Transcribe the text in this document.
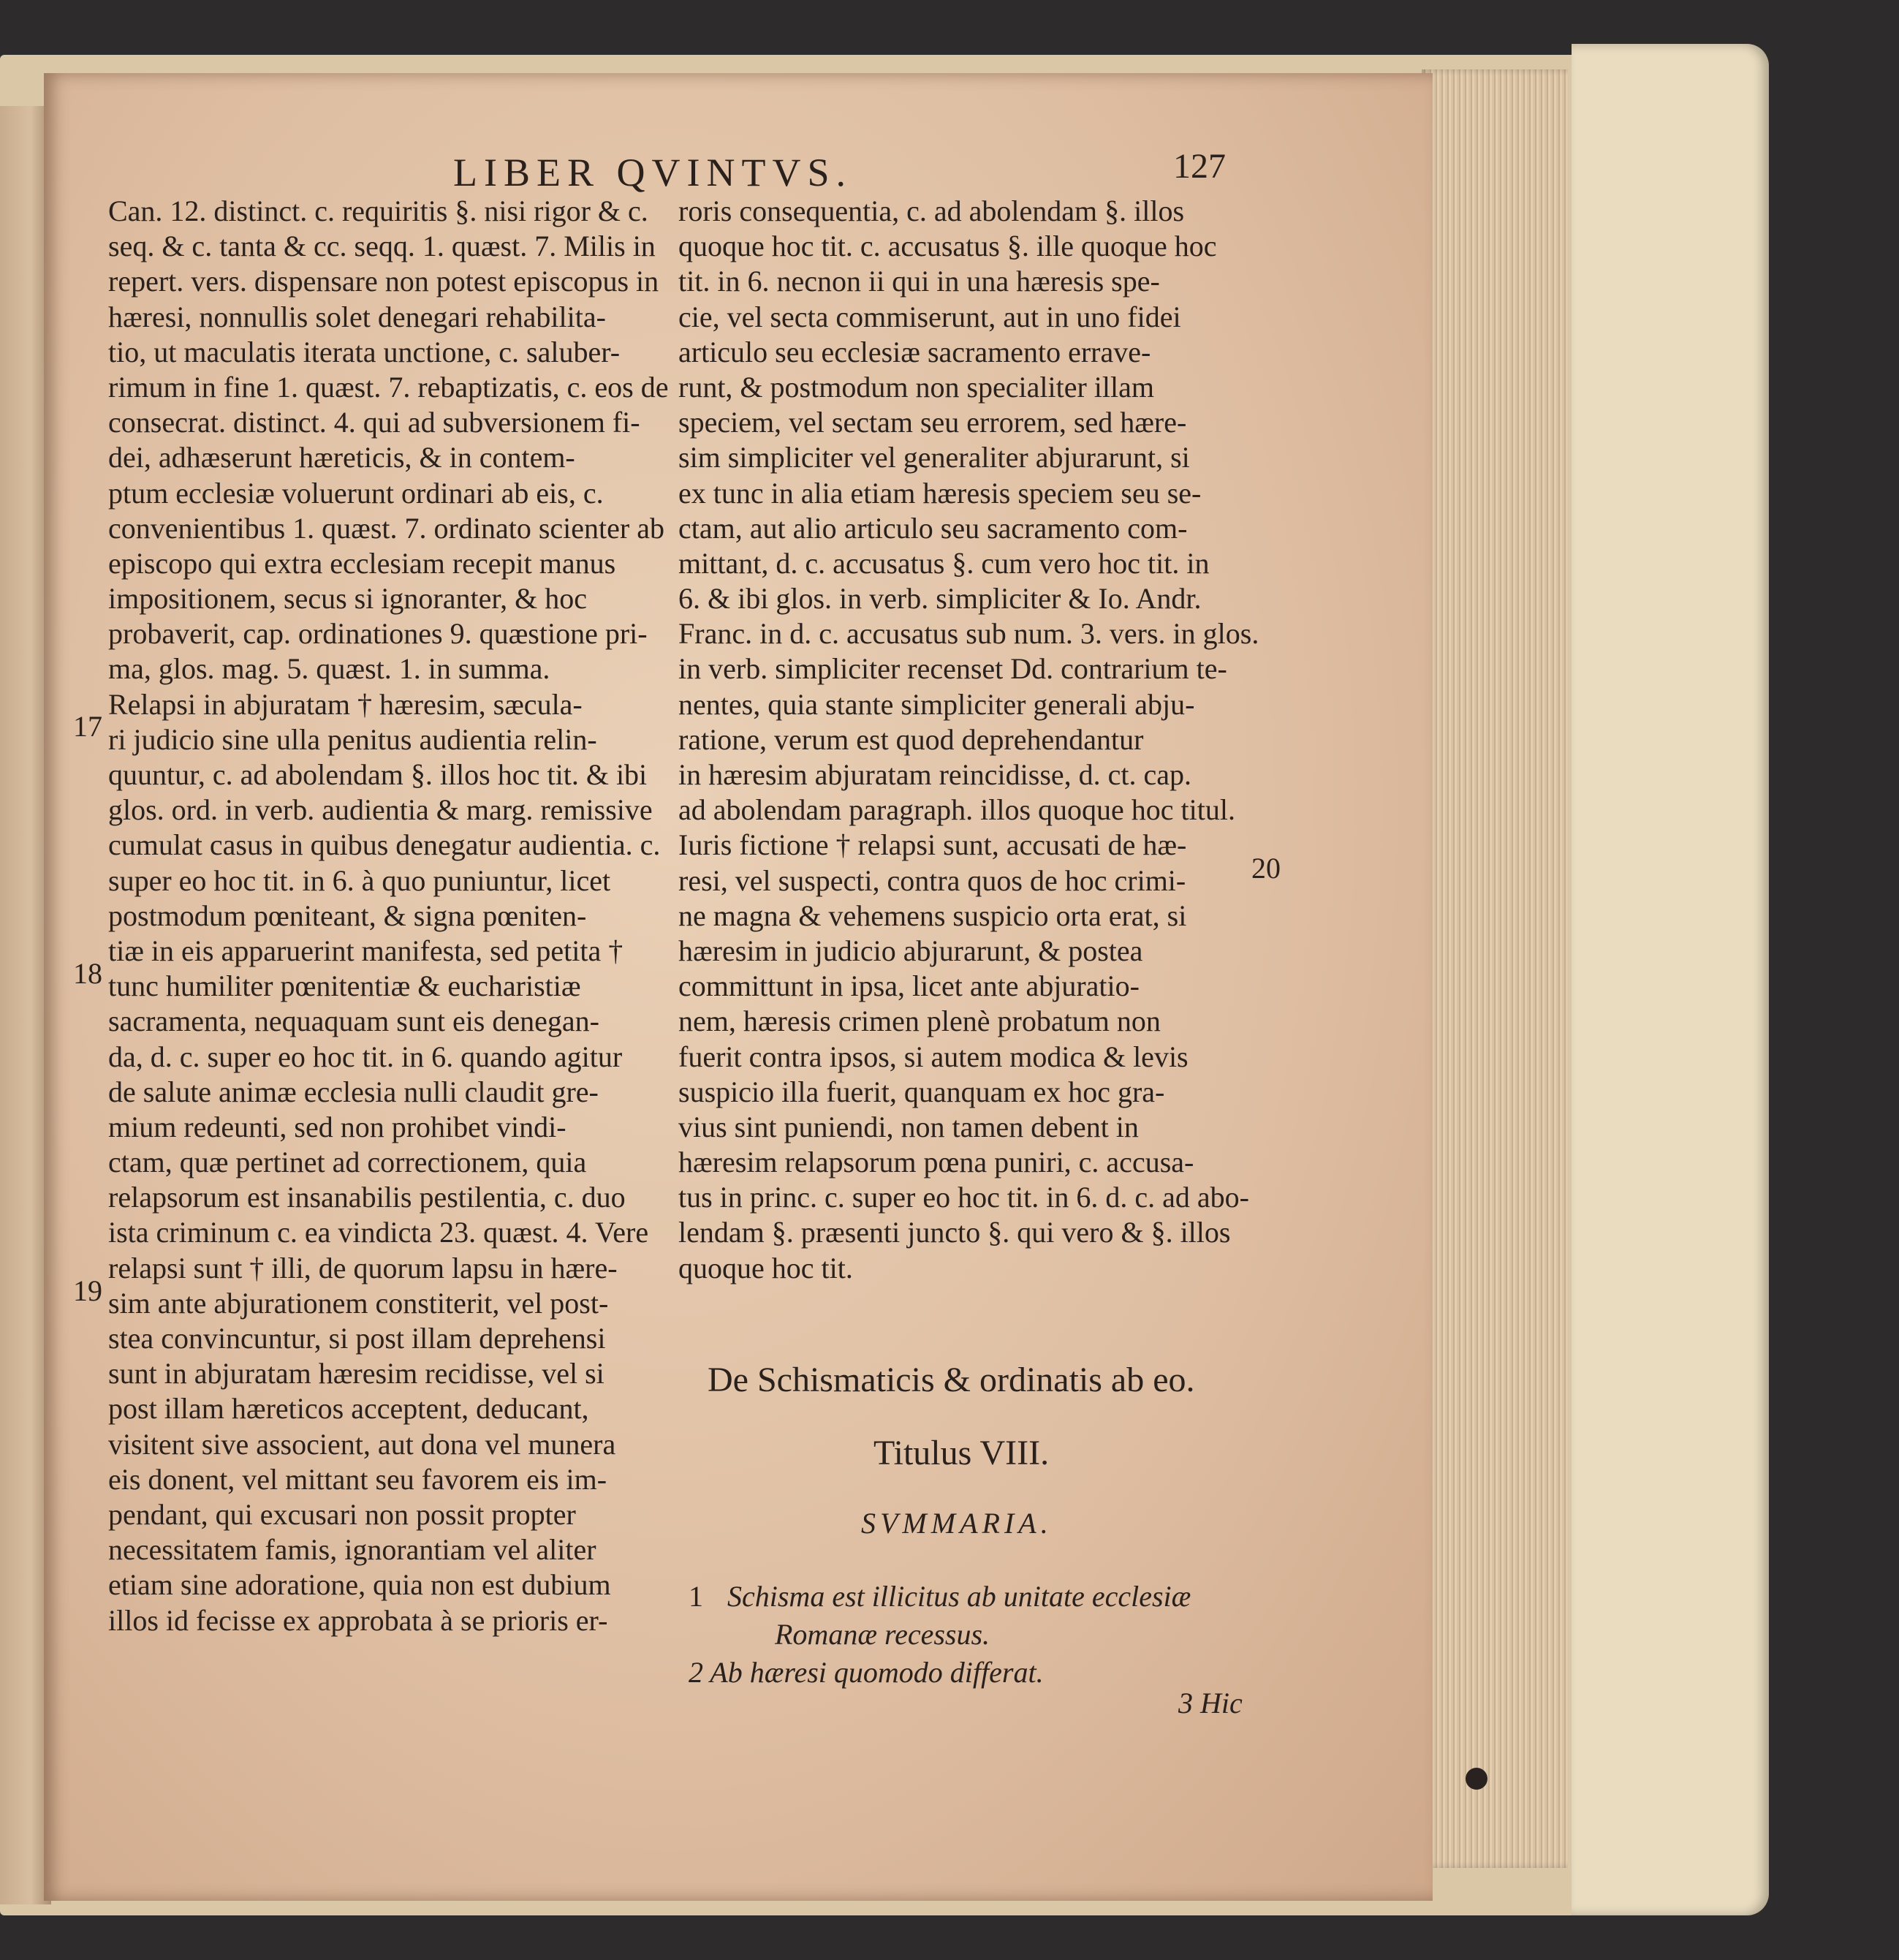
LIBER QVINTVS.	127
Can. 12. distinct. c. requiritis §. nisi rigor & c.
seq. & c. tanta & cc. seqq. 1. quæst. 7. Milis in
repert. vers. dispensare non potest episcopus in
hæresi, nonnullis solet denegari rehabilita-
tio, ut maculatis iterata unctione, c. saluber-
rimum in fine 1. quæst. 7. rebaptizatis, c. eos de
consecrat. distinct. 4. qui ad subversionem fi-
dei, adhæserunt hæreticis, & in contem-
ptum ecclesiæ voluerunt ordinari ab eis, c.
convenientibus 1. quæst. 7. ordinato scienter ab
episcopo qui extra ecclesiam recepit manus
impositionem, secus si ignoranter, & hoc
probaverit, cap. ordinationes 9. quæstione pri-
ma, glos. mag. 5. quæst. 1. in summa.
Relapsi in abjuratam † hæresim, sæcula-
ri judicio sine ulla penitus audientia relin-
quuntur, c. ad abolendam §. illos hoc tit. & ibi
glos. ord. in verb. audientia & marg. remissive
cumulat casus in quibus denegatur audientia. c.
super eo hoc tit. in 6. à quo puniuntur, licet
postmodum pœniteant, & signa pœniten-
tiæ in eis apparuerint manifesta, sed petita †
tunc humiliter pœnitentiæ & eucharistiæ
sacramenta, nequaquam sunt eis denegan-
da, d. c. super eo hoc tit. in 6. quando agitur
de salute animæ ecclesia nulli claudit gre-
mium redeunti, sed non prohibet vindi-
ctam, quæ pertinet ad correctionem, quia
relapsorum est insanabilis pestilentia, c. duo
ista criminum c. ea vindicta 23. quæst. 4. Vere
relapsi sunt † illi, de quorum lapsu in hære-
sim ante abjurationem constiterit, vel post-
stea convincuntur, si post illam deprehensi
sunt in abjuratam hæresim recidisse, vel si
post illam hæreticos acceptent, deducant,
visitent sive associent, aut dona vel munera
eis donent, vel mittant seu favorem eis im-
pendant, qui excusari non possit propter
necessitatem famis, ignorantiam vel aliter
etiam sine adoratione, quia non est dubium
illos id fecisse ex approbata à se prioris er-
roris consequentia, c. ad abolendam §. illos
quoque hoc tit. c. accusatus §. ille quoque hoc
tit. in 6. necnon ii qui in una hæresis spe-
cie, vel secta commiserunt, aut in uno fidei
articulo seu ecclesiæ sacramento errave-
runt, & postmodum non specialiter illam
speciem, vel sectam seu errorem, sed hære-
sim simpliciter vel generaliter abjurarunt, si
ex tunc in alia etiam hæresis speciem seu se-
ctam, aut alio articulo seu sacramento com-
mittant, d. c. accusatus §. cum vero hoc tit. in
6. & ibi glos. in verb. simpliciter & Io. Andr.
Franc. in d. c. accusatus sub num. 3. vers. in glos.
in verb. simpliciter recenset Dd. contrarium te-
nentes, quia stante simpliciter generali abju-
ratione, verum est quod deprehendantur
in hæresim abjuratam reincidisse, d. ct. cap.
ad abolendam paragraph. illos quoque hoc titul.
Iuris fictione † relapsi sunt, accusati de hæ-
resi, vel suspecti, contra quos de hoc crimi-
ne magna & vehemens suspicio orta erat, si
hæresim in judicio abjurarunt, & postea
committunt in ipsa, licet ante abjuratio-
nem, hæresis crimen plenè probatum non
fuerit contra ipsos, si autem modica & levis
suspicio illa fuerit, quanquam ex hoc gra-
vius sint puniendi, non tamen debent in
hæresim relapsorum pœna puniri, c. accusa-
tus in princ. c. super eo hoc tit. in 6. d. c. ad abo-
lendam §. præsenti juncto §. qui vero & §. illos
quoque hoc tit.
17
18
19
20
De Schismaticis & ordinatis ab eo.
Titulus VIII.
SVMMARIA.
1 Schisma est illicitus ab unitate ecclesiæ
Romanæ recessus.
2 Ab hæresi quomodo differat.
3 Hic
